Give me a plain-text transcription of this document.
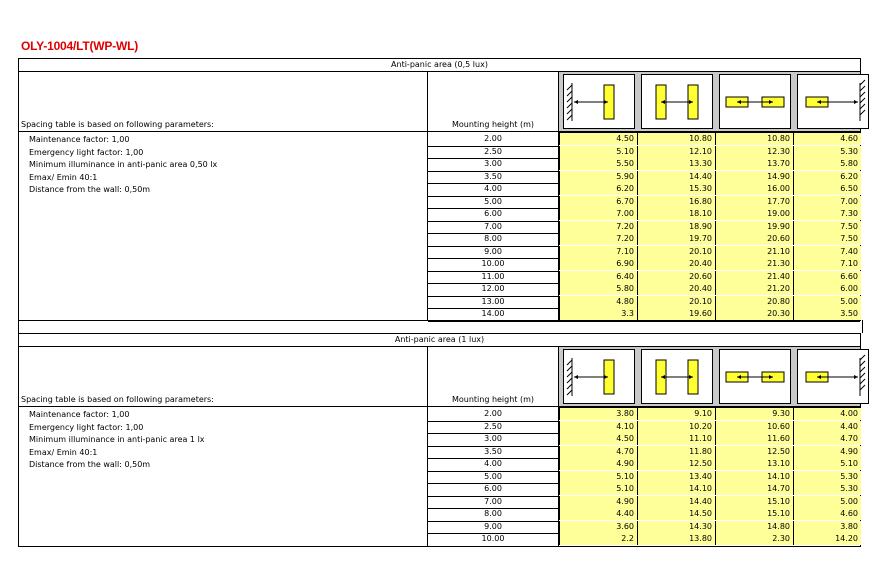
OLY-1004/LT(WP-WL)
Anti-panic area (0,5 lux)
Spacing table is based on following parameters:	Mounting height (m)
Maintenance factor: 1,00
Emergency light factor: 1,00
Minimum illuminance in anti-panic area 0,50 lx
Emax/ Emin 40:1
Distance from the wall: 0,50m
2.00	4.50	10.80	10.80	4.60
2.50	5.10	12.10	12.30	5.30
3.00	5.50	13.30	13.70	5.80
3.50	5.90	14.40	14.90	6.20
4.00	6.20	15.30	16.00	6.50
5.00	6.70	16.80	17.70	7.00
6.00	7.00	18.10	19.00	7.30
7.00	7.20	18.90	19.90	7.50
8.00	7.20	19.70	20.60	7.50
9.00	7.10	20.10	21.10	7.40
10.00	6.90	20.40	21.30	7.10
11.00	6.40	20.60	21.40	6.60
12.00	5.80	20.40	21.20	6.00
13.00	4.80	20.10	20.80	5.00
14.00	3.3	19.60	20.30	3.50
Anti-panic area (1 lux)
Spacing table is based on following parameters:	Mounting height (m)
Maintenance factor: 1,00
Emergency light factor: 1,00
Minimum illuminance in anti-panic area 1 lx
Emax/ Emin 40:1
Distance from the wall: 0,50m
2.00	3.80	9.10	9.30	4.00
2.50	4.10	10.20	10.60	4.40
3.00	4.50	11.10	11.60	4.70
3.50	4.70	11.80	12.50	4.90
4.00	4.90	12.50	13.10	5.10
5.00	5.10	13.40	14.10	5.30
6.00	5.10	14.10	14.70	5.30
7.00	4.90	14.40	15.10	5.00
8.00	4.40	14.50	15.10	4.60
9.00	3.60	14.30	14.80	3.80
10.00	2.2	13.80	2.30	14.20
